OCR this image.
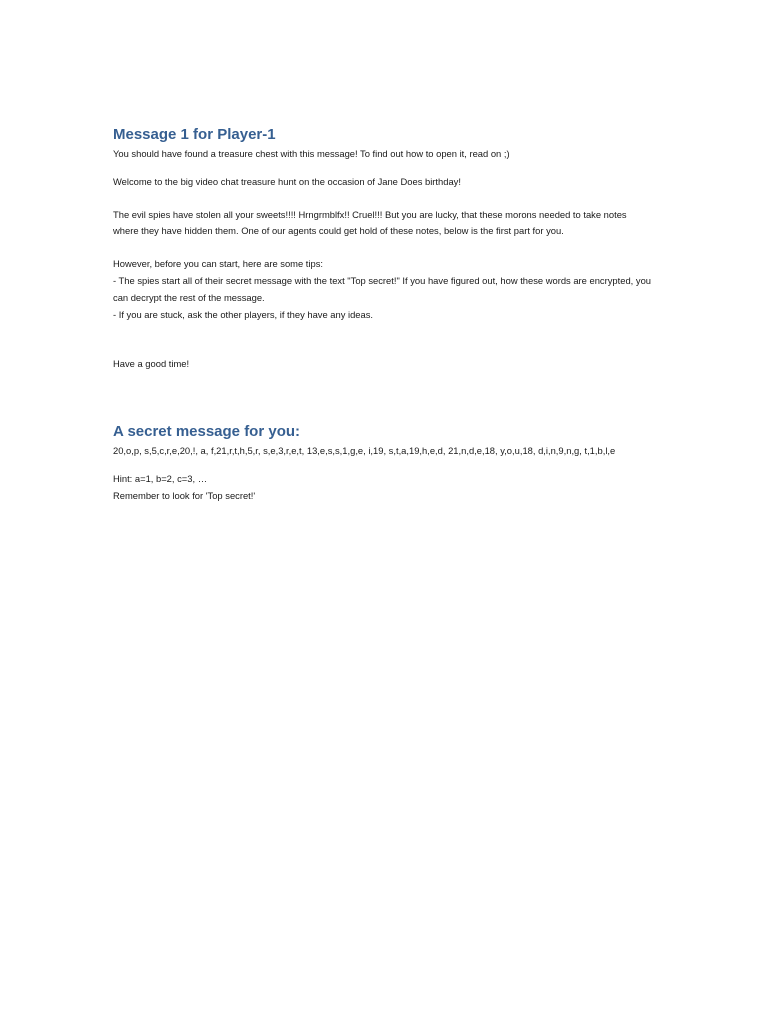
Message 1 for Player-1

You should have found a treasure chest with this message! To find out how to open it, read on ;)

Welcome to the big video chat treasure hunt on the occasion of Jane Does birthday!

The evil spies have stolen all your sweets!!!! Hrngrmblfx!! Cruel!!! But you are lucky, that these morons needed to take notes where they have hidden them. One of our agents could get hold of these notes, below is the first part for you.

However, before you can start, here are some tips:

- The spies start all of their secret message with the text "Top secret!" If you have figured out, how these words are encrypted, you can decrypt the rest of the message.

- If you are stuck, ask the other players, if they have any ideas.

Have a good time!

A secret message for you:

20,o,p, s,5,c,r,e,20,!, a, f,21,r,t,h,5,r, s,e,3,r,e,t, 13,e,s,s,1,g,e, i,19, s,t,a,19,h,e,d, 21,n,d,e,18, y,o,u,18, d,i,n,9,n,g, t,1,b,l,e

Hint: a=1, b=2, c=3, …

Remember to look for 'Top secret!'
